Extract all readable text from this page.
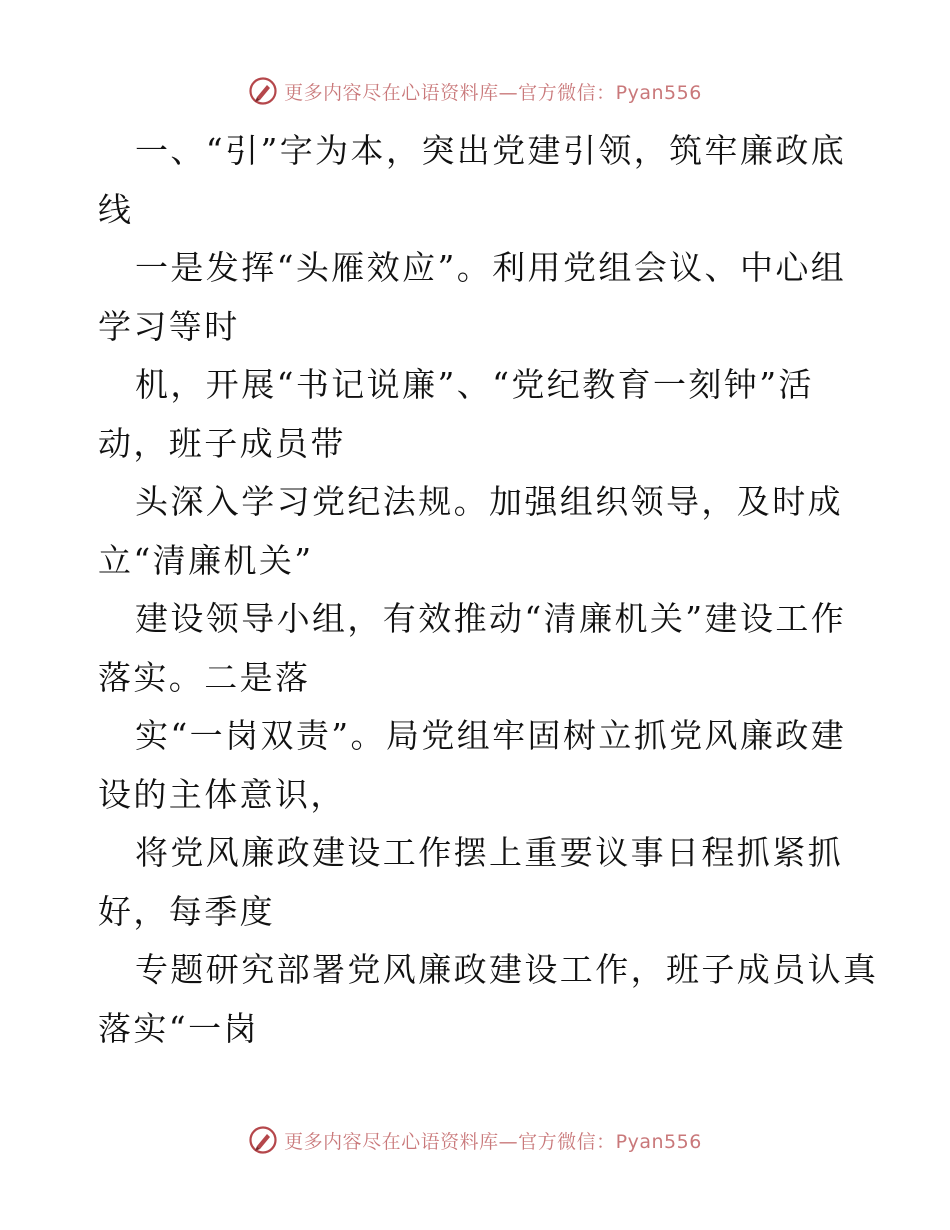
更多内容尽在心语资料库—官方微信：Pyan556
一、“引”字为本，突出党建引领，筑牢廉政底
线
一是发挥“头雁效应”。利用党组会议、中心组
学习等时
机，开展“书记说廉”、“党纪教育一刻钟”活
动，班子成员带
头深入学习党纪法规。加强组织领导，及时成
立“清廉机关”
建设领导小组，有效推动“清廉机关”建设工作
落实。二是落
实“一岗双责”。局党组牢固树立抓党风廉政建
设的主体意识，
将党风廉政建设工作摆上重要议事日程抓紧抓
好，每季度
专题研究部署党风廉政建设工作，班子成员认真
落实“一岗
更多内容尽在心语资料库—官方微信：Pyan556
